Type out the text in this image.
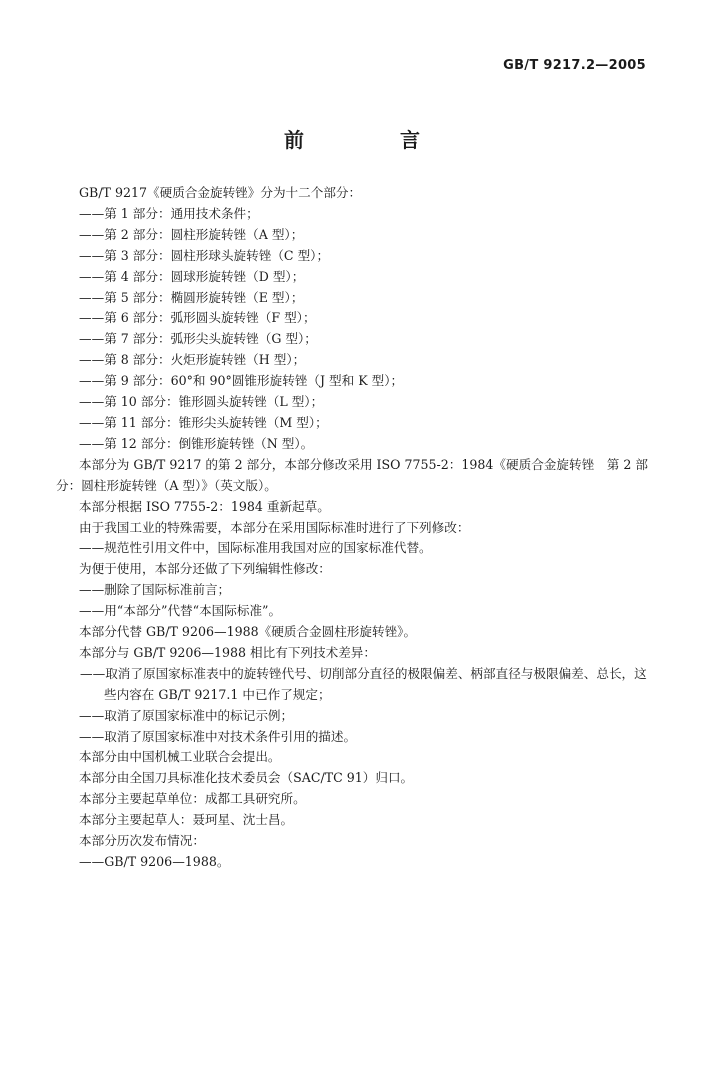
GB/T 9217.2—2005
前　言

GB/T 9217《硬质合金旋转锉》分为十二个部分：

——第 1 部分：通用技术条件；

——第 2 部分：圆柱形旋转锉（A 型）；

——第 3 部分：圆柱形球头旋转锉（C 型）；

——第 4 部分：圆球形旋转锉（D 型）；

——第 5 部分：椭圆形旋转锉（E 型）；

——第 6 部分：弧形圆头旋转锉（F 型）；

——第 7 部分：弧形尖头旋转锉（G 型）；

——第 8 部分：火炬形旋转锉（H 型）；

——第 9 部分：60°和 90°圆锥形旋转锉（J 型和 K 型）；

——第 10 部分：锥形圆头旋转锉（L 型）；

——第 11 部分：锥形尖头旋转锉（M 型）；

——第 12 部分：倒锥形旋转锉（N 型）。

本部分为 GB/T 9217 的第 2 部分，本部分修改采用 ISO 7755-2：1984《硬质合金旋转锉　第 2 部分：圆柱形旋转锉（A 型）》（英文版）。

本部分根据 ISO 7755-2：1984 重新起草。

由于我国工业的特殊需要，本部分在采用国际标准时进行了下列修改：

——规范性引用文件中，国际标准用我国对应的国家标准代替。

为便于使用，本部分还做了下列编辑性修改：

——删除了国际标准前言；

——用“本部分”代替“本国际标准”。

本部分代替 GB/T 9206—1988《硬质合金圆柱形旋转锉》。

本部分与 GB/T 9206—1988 相比有下列技术差异：

——取消了原国家标准表中的旋转锉代号、切削部分直径的极限偏差、柄部直径与极限偏差、总长，这些内容在 GB/T 9217.1 中已作了规定；

——取消了原国家标准中的标记示例；

——取消了原国家标准中对技术条件引用的描述。

本部分由中国机械工业联合会提出。

本部分由全国刀具标准化技术委员会（SAC/TC 91）归口。

本部分主要起草单位：成都工具研究所。

本部分主要起草人：聂珂星、沈士昌。

本部分历次发布情况：

——GB/T 9206—1988。
